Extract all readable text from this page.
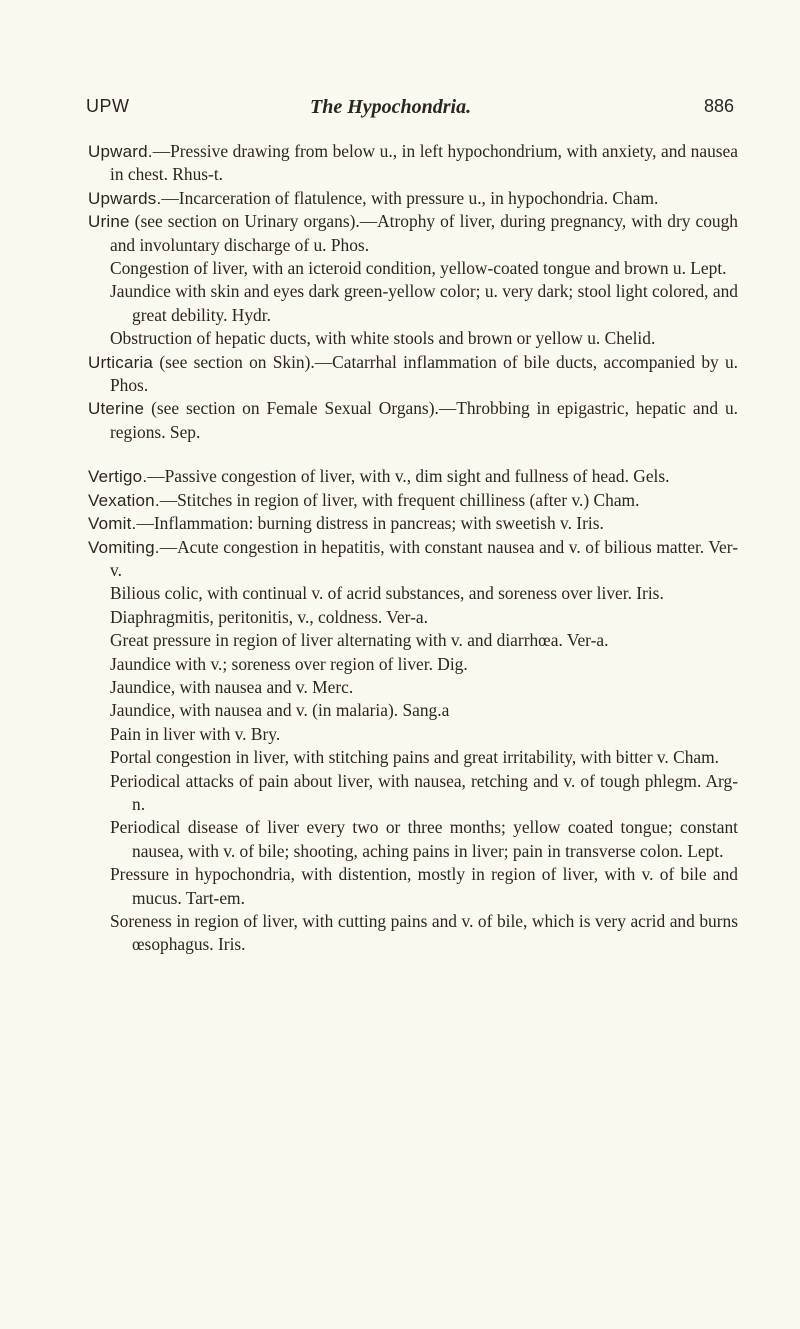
UPW	The Hypochondria.	886

Upward.—Pressive drawing from below u., in left hypochondrium, with anxiety, and nausea in chest. Rhus-t.

Upwards.—Incarceration of flatulence, with pressure u., in hypochondria. Cham.

Urine (see section on Urinary organs).—Atrophy of liver, during pregnancy, with dry cough and involuntary discharge of u. Phos.

Congestion of liver, with an icteroid condition, yellow-coated tongue and brown u. Lept.

Jaundice with skin and eyes dark green-yellow color; u. very dark; stool light colored, and great debility. Hydr.

Obstruction of hepatic ducts, with white stools and brown or yellow u. Chelid.

Urticaria (see section on Skin).—Catarrhal inflammation of bile ducts, accompanied by u. Phos.

Uterine (see section on Female Sexual Organs).—Throbbing in epigastric, hepatic and u. regions. Sep.

Vertigo.—Passive congestion of liver, with v., dim sight and fullness of head. Gels.

Vexation.—Stitches in region of liver, with frequent chilliness (after v.) Cham.

Vomit.—Inflammation: burning distress in pancreas; with sweetish v. Iris.

Vomiting.—Acute congestion in hepatitis, with constant nausea and v. of bilious matter. Ver-v.

Bilious colic, with continual v. of acrid substances, and soreness over liver. Iris.

Diaphragmitis, peritonitis, v., coldness. Ver-a.

Great pressure in region of liver alternating with v. and diarrhœa. Ver-a.

Jaundice with v.; soreness over region of liver. Dig.

Jaundice, with nausea and v. Merc.

Jaundice, with nausea and v. (in malaria). Sang.a

Pain in liver with v. Bry.

Portal congestion in liver, with stitching pains and great irritability, with bitter v. Cham.

Periodical attacks of pain about liver, with nausea, retching and v. of tough phlegm. Arg-n.

Periodical disease of liver every two or three months; yellow coated tongue; constant nausea, with v. of bile; shooting, aching pains in liver; pain in transverse colon. Lept.

Pressure in hypochondria, with distention, mostly in region of liver, with v. of bile and mucus. Tart-em.

Soreness in region of liver, with cutting pains and v. of bile, which is very acrid and burns œsophagus. Iris.
